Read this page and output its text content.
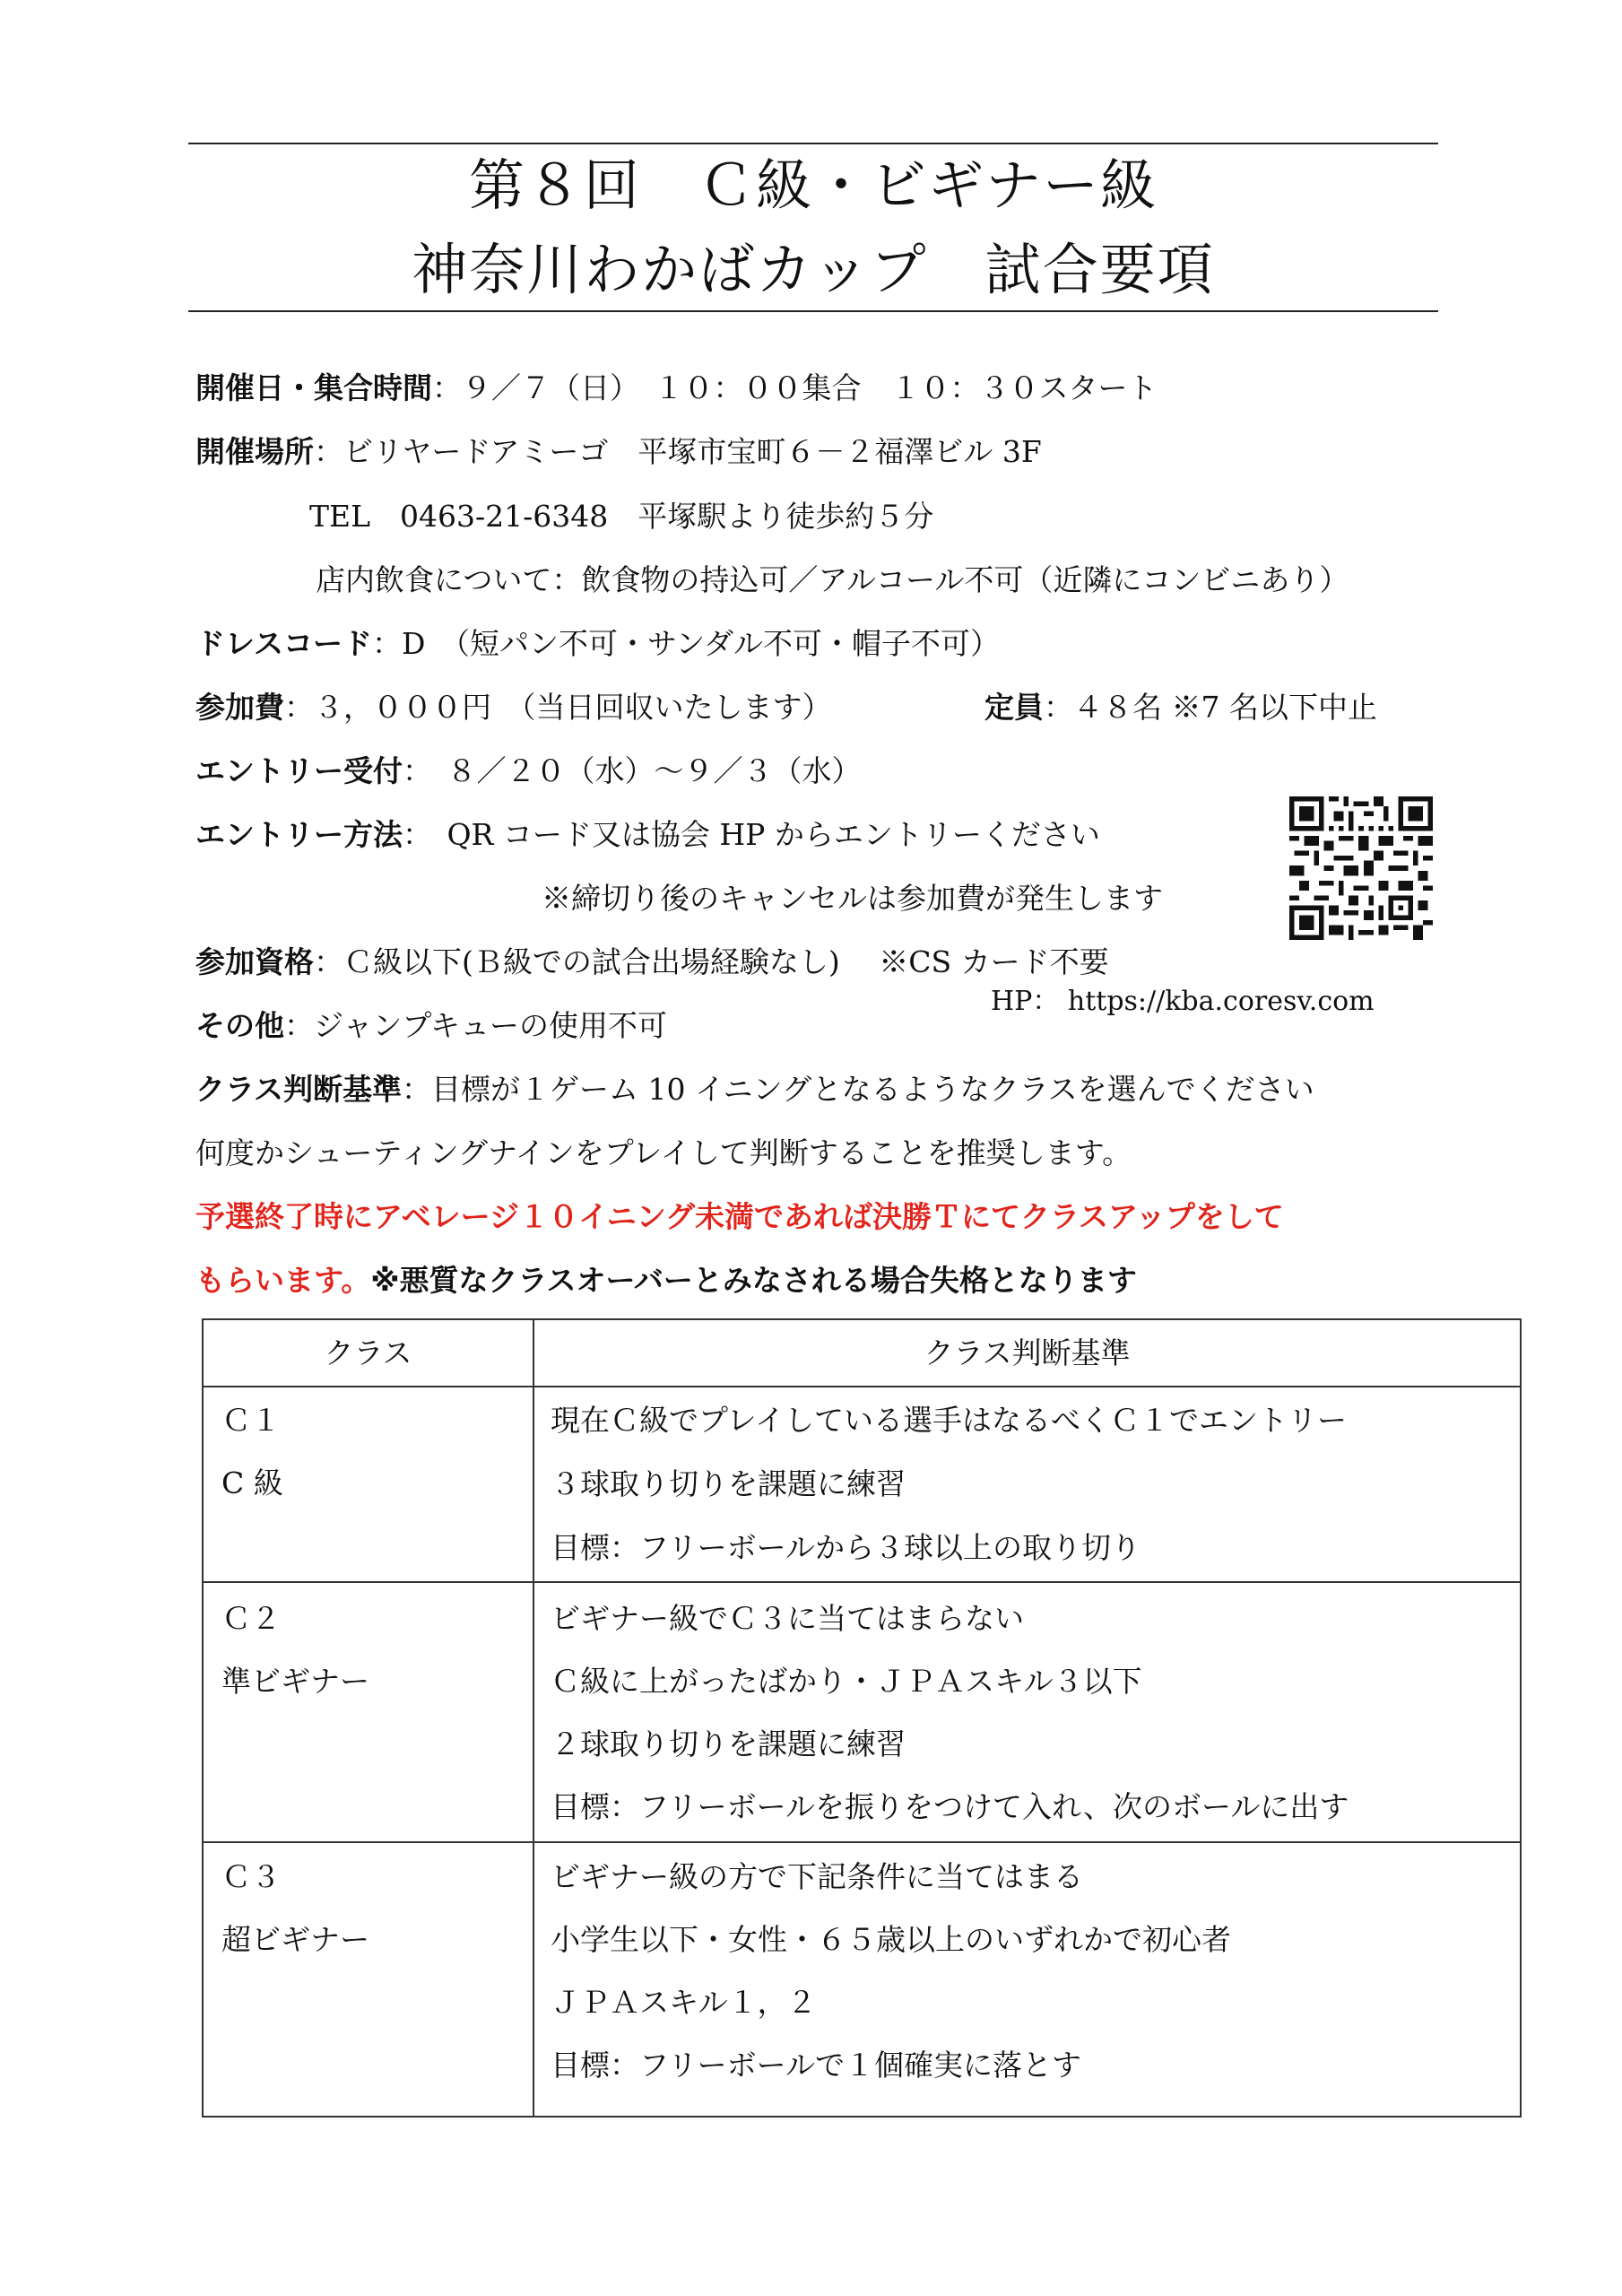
第８回　Ｃ級・ビギナー級
神奈川わかばカップ　試合要項
開催日・集合時間：９／７（日）　１０：００集合　１０：３０スタート
開催場所：ビリヤードアミーゴ　平塚市宝町６－２福澤ビル 3F
TEL　0463-21-6348　平塚駅より徒歩約５分
店内飲食について：飲食物の持込可／アルコール不可（近隣にコンビニあり）
ドレスコード：D　（短パン不可・サンダル不可・帽子不可）
参加費：３，０００円　（当日回収いたします）	定員：４８名 ※7 名以下中止
エントリー受付：　８／２０（水）～９／３（水）
エントリー方法：　QR コード又は協会 HP からエントリーください
※締切り後のキャンセルは参加費が発生します
参加資格：Ｃ級以下(Ｂ級での試合出場経験なし)　 ※CS カード不要
HP： https://kba.coresv.com
その他：ジャンプキューの使用不可
クラス判断基準：目標が１ゲーム 10 イニングとなるようなクラスを選んでください
何度かシューティングナインをプレイして判断することを推奨します。
予選終了時にアベレージ１０イニング未満であれば決勝Ｔにてクラスアップをして
もらいます。※悪質なクラスオーバーとみなされる場合失格となります
クラス	クラス判断基準
Ｃ１
C 級
現在Ｃ級でプレイしている選手はなるべくＣ１でエントリー
３球取り切りを課題に練習
目標：フリーボールから３球以上の取り切り
Ｃ２
準ビギナー
ビギナー級でＣ３に当てはまらない
Ｃ級に上がったばかり・ＪＰＡスキル３以下
２球取り切りを課題に練習
目標：フリーボールを振りをつけて入れ、次のボールに出す
Ｃ３
超ビギナー
ビギナー級の方で下記条件に当てはまる
小学生以下・女性・６５歳以上のいずれかで初心者
ＪＰＡスキル１，２
目標：フリーボールで１個確実に落とす
